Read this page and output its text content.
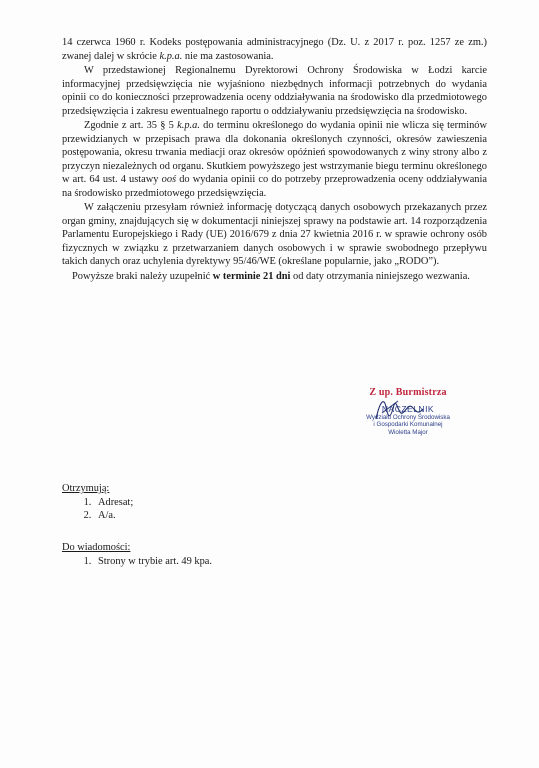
14 czerwca 1960 r. Kodeks postępowania administracyjnego (Dz. U. z 2017 r. poz. 1257 ze zm.) zwanej dalej w skrócie k.p.a. nie ma zastosowania.

W przedstawionej Regionalnemu Dyrektorowi Ochrony Środowiska w Łodzi karcie informacyjnej przedsięwzięcia nie wyjaśniono niezbędnych informacji potrzebnych do wydania opinii co do konieczności przeprowadzenia oceny oddziaływania na środowisko dla przedmiotowego przedsięwzięcia i zakresu ewentualnego raportu o oddziaływaniu przedsięwzięcia na środowisko.

Zgodnie z art. 35 § 5 k.p.a. do terminu określonego do wydania opinii nie wlicza się terminów przewidzianych w przepisach prawa dla dokonania określonych czynności, okresów zawieszenia postępowania, okresu trwania mediacji oraz okresów opóźnień spowodowanych z winy strony albo z przyczyn niezależnych od organu. Skutkiem powyższego jest wstrzymanie biegu terminu określonego w art. 64 ust. 4 ustawy ooś do wydania opinii co do potrzeby przeprowadzenia oceny oddziaływania na środowisko przedmiotowego przedsięwzięcia.

W załączeniu przesyłam również informację dotyczącą danych osobowych przekazanych przez organ gminy, znajdujących się w dokumentacji niniejszej sprawy na podstawie art. 14 rozporządzenia Parlamentu Europejskiego i Rady (UE) 2016/679 z dnia 27 kwietnia 2016 r. w sprawie ochrony osób fizycznych w związku z przetwarzaniem danych osobowych i w sprawie swobodnego przepływu takich danych oraz uchylenia dyrektywy 95/46/WE (określane popularnie, jako „RODO”).

Powyższe braki należy uzupełnić w terminie 21 dni od daty otrzymania niniejszego wezwania.

Z up. Burmistrza
NACZELNIK
Wydziału Ochrony Środowiska
i Gospodarki Komunalnej
Wioletta Major
Otrzymują:
1. Adresat;
2. A/a.
Do wiadomości:
1. Strony w trybie art. 49 kpa.
